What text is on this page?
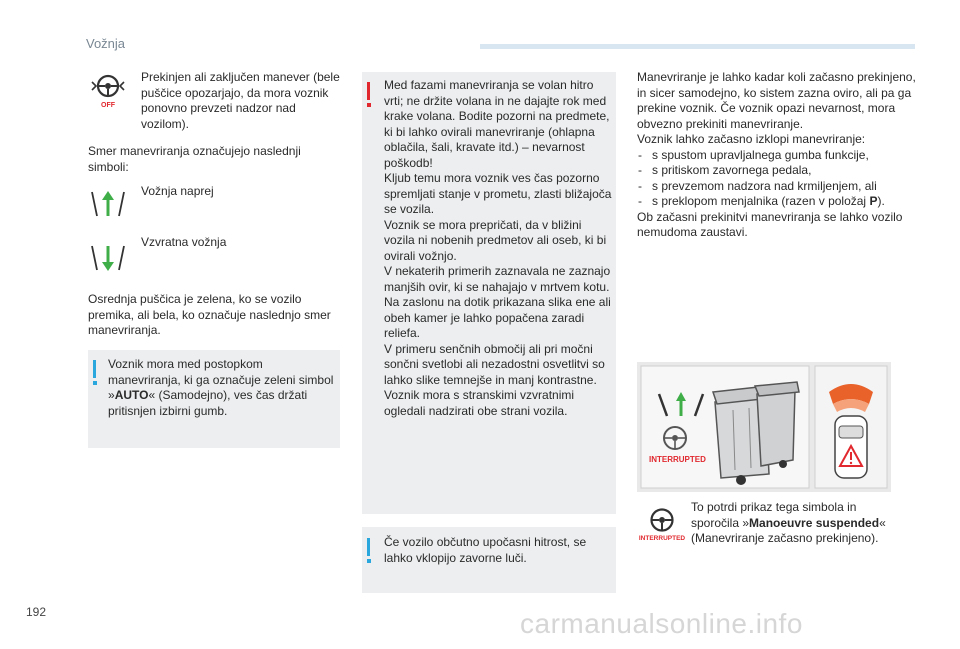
Vožnja
OFF
Prekinjen ali zaključen manever (bele puščice opozarjajo, da mora voznik ponovno prevzeti nadzor nad vozilom).
Smer manevriranja označujejo naslednji simboli:
Vožnja naprej
Vzvratna vožnja
Osrednja puščica je zelena, ko se vozilo premika, ali bela, ko označuje naslednjo smer manevriranja.
Voznik mora med postopkom manevriranja, ki ga označuje zeleni simbol »AUTO« (Samodejno), ves čas držati pritisnjen izbirni gumb.
Med fazami manevriranja se volan hitro vrti; ne držite volana in ne dajajte rok med krake volana. Bodite pozorni na predmete, ki bi lahko ovirali manevriranje (ohlapna oblačila, šali, kravate itd.) – nevarnost poškodb!
Kljub temu mora voznik ves čas pozorno spremljati stanje v prometu, zlasti bližajoča se vozila.
Voznik se mora prepričati, da v bližini vozila ni nobenih predmetov ali oseb, ki bi ovirali vožnjo.
V nekaterih primerih zaznavala ne zaznajo manjših ovir, ki se nahajajo v mrtvem kotu.
Na zaslonu na dotik prikazana slika ene ali obeh kamer je lahko popačena zaradi reliefa.
V primeru senčnih območij ali pri močni sončni svetlobi ali nezadostni osvetlitvi so lahko slike temnejše in manj kontrastne.
Voznik mora s stranskimi vzvratnimi ogledali nadzirati obe strani vozila.
Če vozilo občutno upočasni hitrost, se lahko vklopijo zavorne luči.
Manevriranje je lahko kadar koli začasno prekinjeno, in sicer samodejno, ko sistem zazna oviro, ali pa ga prekine voznik. Če voznik opazi nevarnost, mora obvezno prekiniti manevriranje.
Voznik lahko začasno izklopi manevriranje:
- s spustom upravljalnega gumba funkcije,
- s pritiskom zavornega pedala,
- s prevzemom nadzora nad krmiljenjem, ali
- s preklopom menjalnika (razen v položaj P).
Ob začasni prekinitvi manevriranja se lahko vozilo nemudoma zaustavi.
INTERRUPTED
INTERRUPTED
To potrdi prikaz tega simbola in sporočila »Manoeuvre suspended« (Manevriranje začasno prekinjeno).
192	carmanualsonline.info
